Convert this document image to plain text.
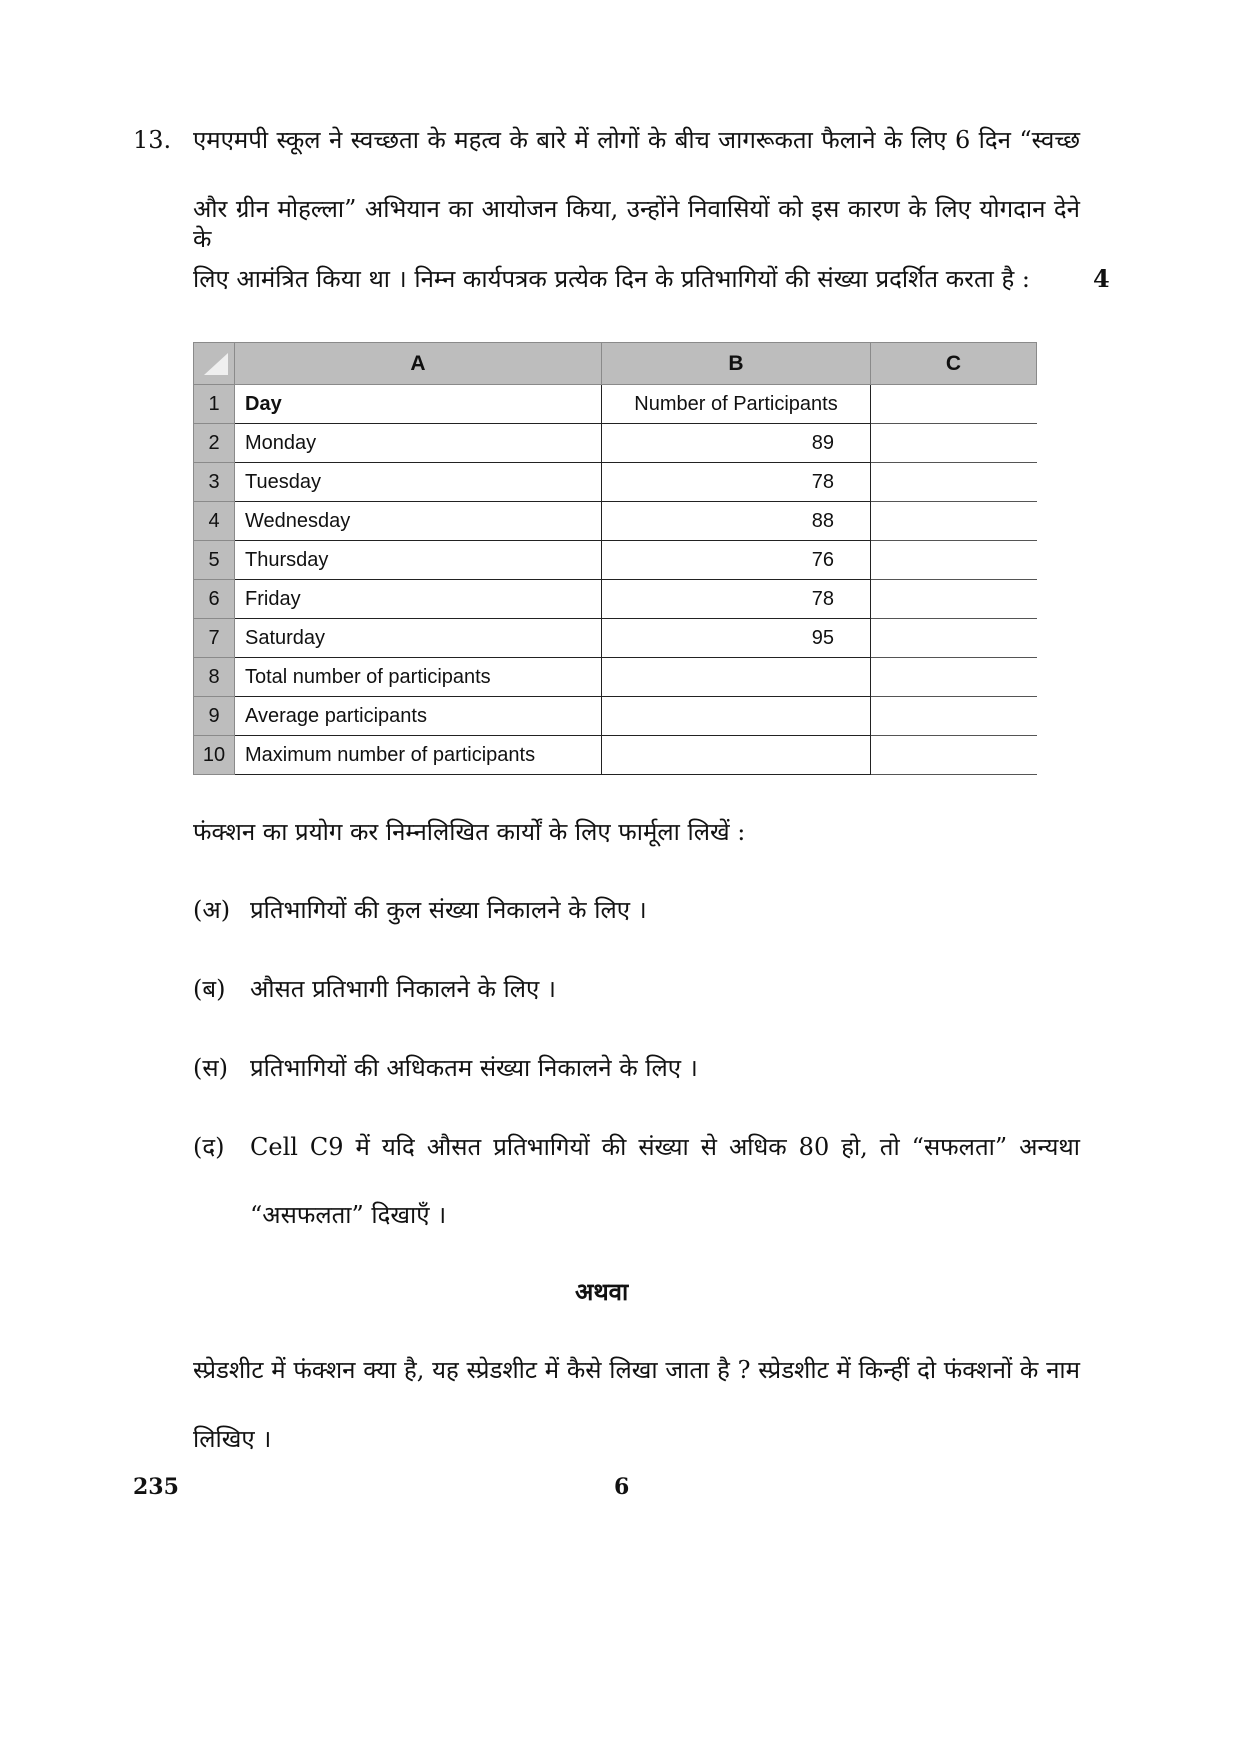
13. एमएमपी स्कूल ने स्वच्छता के महत्व के बारे में लोगों के बीच जागरूकता फैलाने के लिए 6 दिन “स्वच्छ
और ग्रीन मोहल्ला” अभियान का आयोजन किया, उन्होंने निवासियों को इस कारण के लिए योगदान देने के
लिए आमंत्रित किया था । निम्न कार्यपत्रक प्रत्येक दिन के प्रतिभागियों की संख्या प्रदर्शित करता है :	4
	A	B	C
1	Day	Number of Participants	
2	Monday	89	
3	Tuesday	78	
4	Wednesday	88	
5	Thursday	76	
6	Friday	78	
7	Saturday	95	
8	Total number of participants		
9	Average participants		
10	Maximum number of participants		
फंक्शन का प्रयोग कर निम्नलिखित कार्यों के लिए फार्मूला लिखें :
(अ) प्रतिभागियों की कुल संख्या निकालने के लिए ।
(ब) औसत प्रतिभागी निकालने के लिए ।
(स) प्रतिभागियों की अधिकतम संख्या निकालने के लिए ।
(द) Cell C9 में यदि औसत प्रतिभागियों की संख्या से अधिक 80 हो, तो “सफलता” अन्यथा
“असफलता” दिखाएँ ।
अथवा
स्प्रेडशीट में फंक्शन क्या है, यह स्प्रेडशीट में कैसे लिखा जाता है ? स्प्रेडशीट में किन्हीं दो फंक्शनों के नाम
लिखिए ।
235	6
